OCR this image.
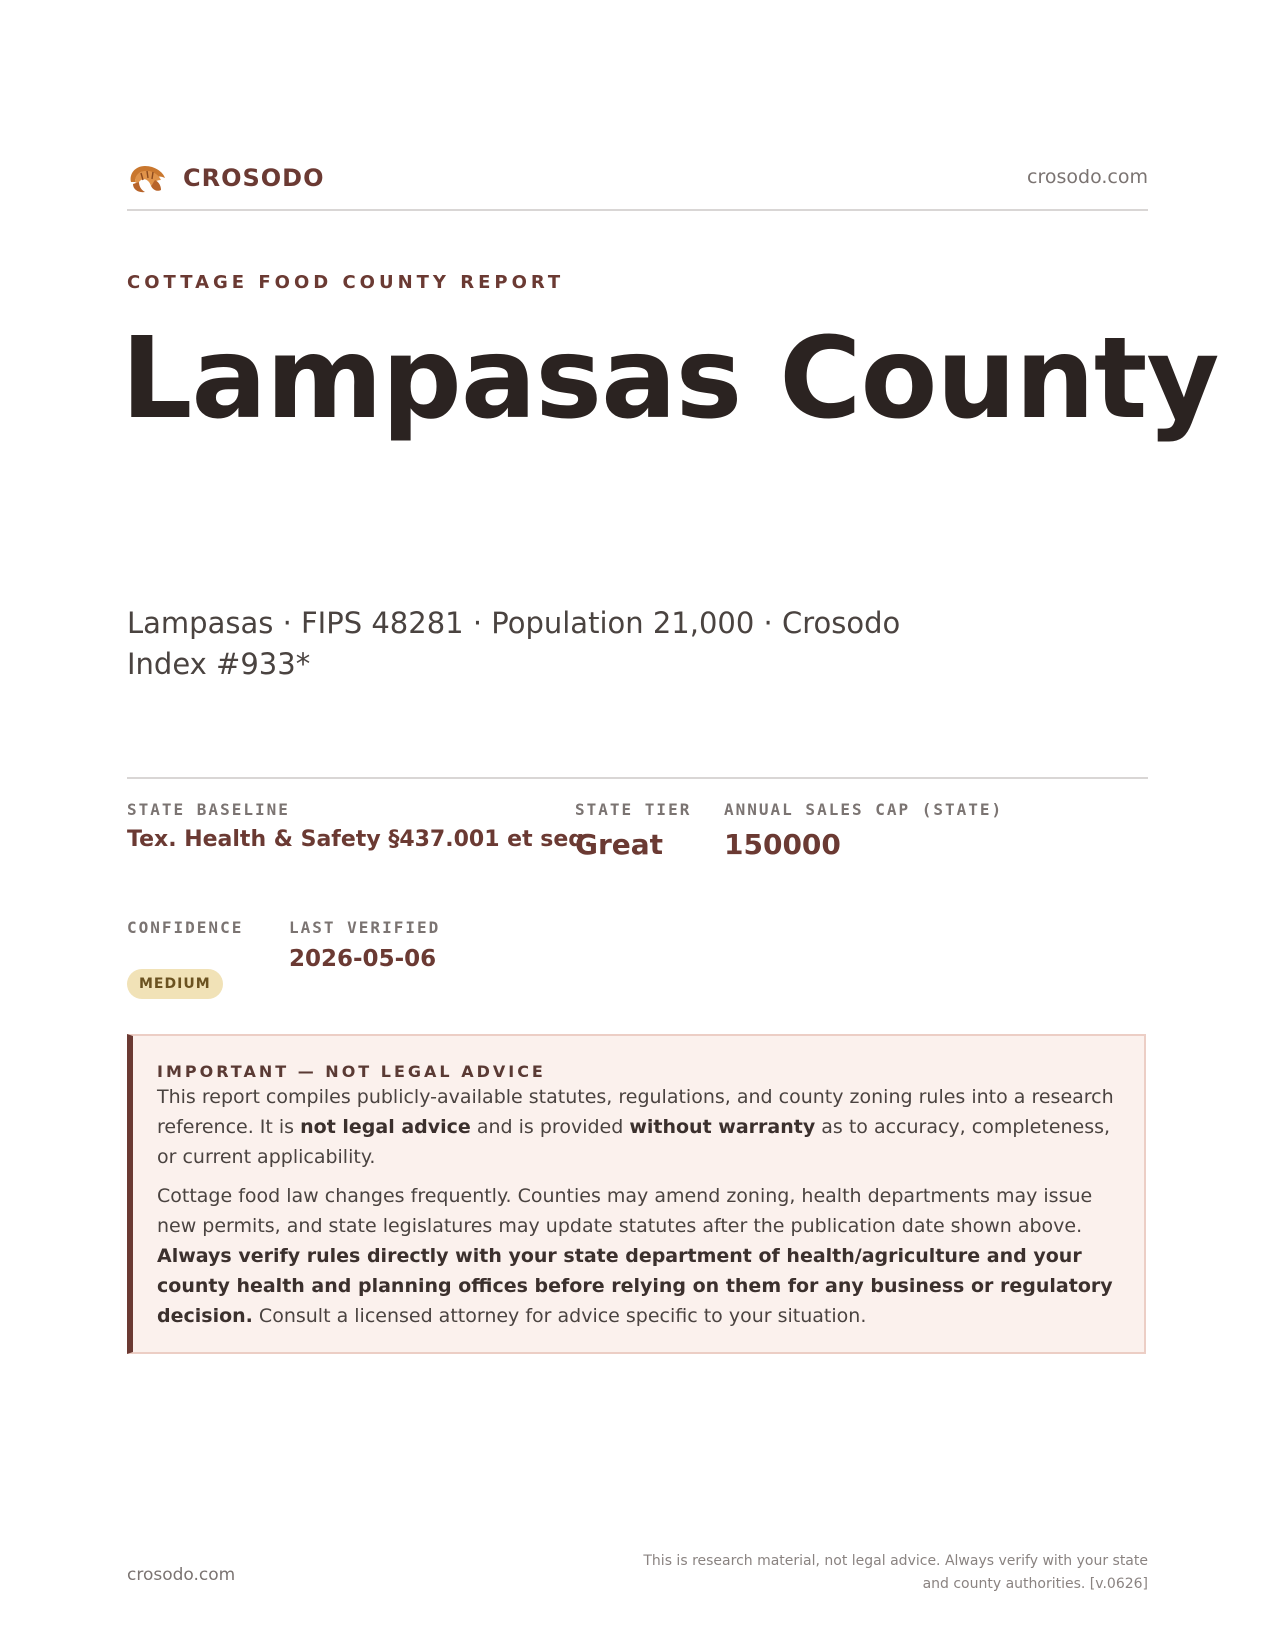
CROSODO	crosodo.com
COTTAGE FOOD COUNTY REPORT
Lampasas County
Lampasas · FIPS 48281 · Population 21,000 · Crosodo Index #933*
STATE BASELINE
Tex. Health & Safety §437.001 et seq.
STATE TIER
Great
ANNUAL SALES CAP (STATE)
150000
CONFIDENCE
MEDIUM
LAST VERIFIED
2026-05-06
IMPORTANT — NOT LEGAL ADVICE

This report compiles publicly-available statutes, regulations, and county zoning rules into a research reference. It is not legal advice and is provided without warranty as to accuracy, completeness, or current applicability.

Cottage food law changes frequently. Counties may amend zoning, health departments may issue new permits, and state legislatures may update statutes after the publication date shown above. Always verify rules directly with your state department of health/agriculture and your county health and planning offices before relying on them for any business or regulatory decision. Consult a licensed attorney for advice specific to your situation.

crosodo.com
This is research material, not legal advice. Always verify with your state
and county authorities. [v.0626]
